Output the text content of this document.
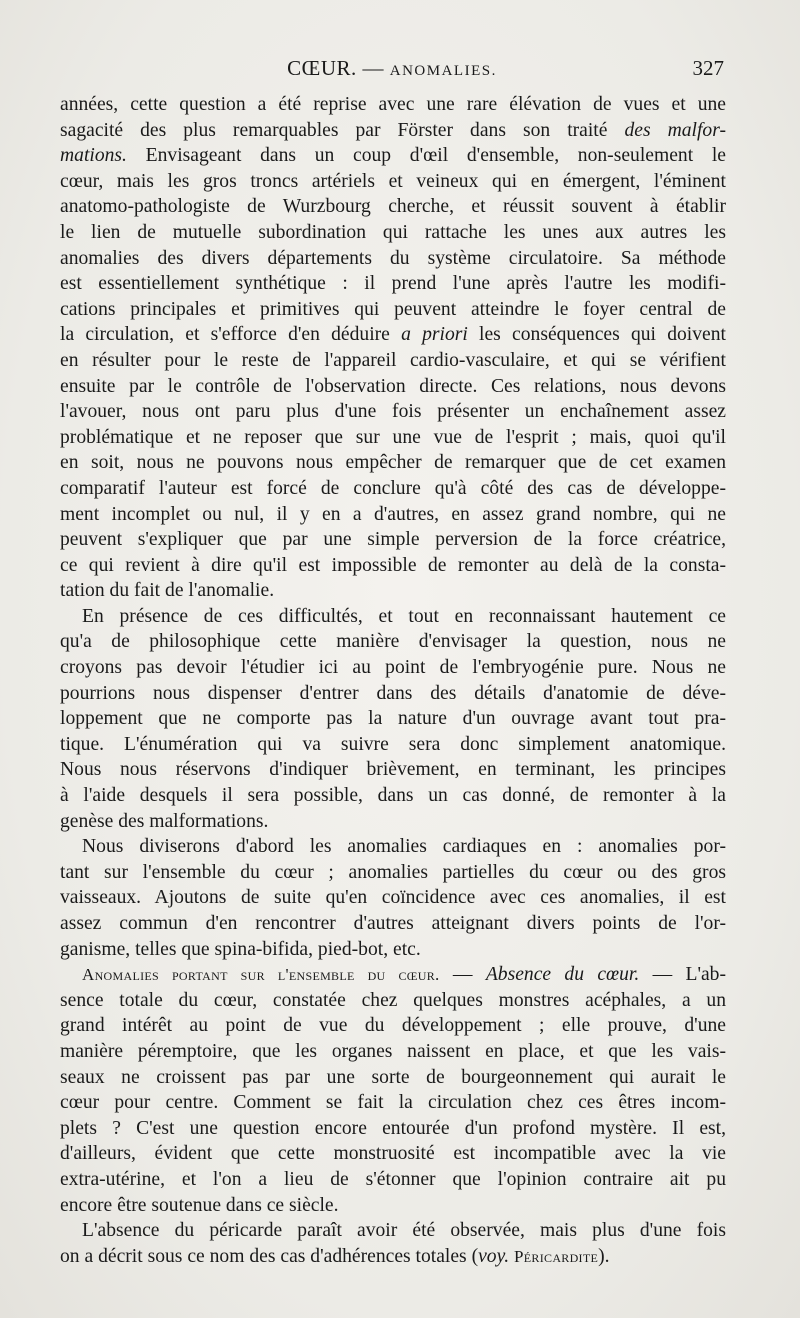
CŒUR. — ANOMALIES.	327

années, cette question a été reprise avec une rare élévation de vues et une

sagacité des plus remarquables par Förster dans son traité des malfor-

mations. Envisageant dans un coup d'œil d'ensemble, non-seulement le

cœur, mais les gros troncs artériels et veineux qui en émergent, l'éminent

anatomo-pathologiste de Wurzbourg cherche, et réussit souvent à établir

le lien de mutuelle subordination qui rattache les unes aux autres les

anomalies des divers départements du système circulatoire. Sa méthode

est essentiellement synthétique : il prend l'une après l'autre les modifi-

cations principales et primitives qui peuvent atteindre le foyer central de

la circulation, et s'efforce d'en déduire a priori les conséquences qui doivent

en résulter pour le reste de l'appareil cardio-vasculaire, et qui se vérifient

ensuite par le contrôle de l'observation directe. Ces relations, nous devons

l'avouer, nous ont paru plus d'une fois présenter un enchaînement assez

problématique et ne reposer que sur une vue de l'esprit ; mais, quoi qu'il

en soit, nous ne pouvons nous empêcher de remarquer que de cet examen

comparatif l'auteur est forcé de conclure qu'à côté des cas de développe-

ment incomplet ou nul, il y en a d'autres, en assez grand nombre, qui ne

peuvent s'expliquer que par une simple perversion de la force créatrice,

ce qui revient à dire qu'il est impossible de remonter au delà de la consta-

tation du fait de l'anomalie.

En présence de ces difficultés, et tout en reconnaissant hautement ce

qu'a de philosophique cette manière d'envisager la question, nous ne

croyons pas devoir l'étudier ici au point de l'embryogénie pure. Nous ne

pourrions nous dispenser d'entrer dans des détails d'anatomie de déve-

loppement que ne comporte pas la nature d'un ouvrage avant tout pra-

tique. L'énumération qui va suivre sera donc simplement anatomique.

Nous nous réservons d'indiquer brièvement, en terminant, les principes

à l'aide desquels il sera possible, dans un cas donné, de remonter à la

genèse des malformations.

Nous diviserons d'abord les anomalies cardiaques en : anomalies por-

tant sur l'ensemble du cœur ; anomalies partielles du cœur ou des gros

vaisseaux. Ajoutons de suite qu'en coïncidence avec ces anomalies, il est

assez commun d'en rencontrer d'autres atteignant divers points de l'or-

ganisme, telles que spina-bifida, pied-bot, etc.

Anomalies portant sur l'ensemble du cœur. — Absence du cœur. — L'ab-

sence totale du cœur, constatée chez quelques monstres acéphales, a un

grand intérêt au point de vue du développement ; elle prouve, d'une

manière péremptoire, que les organes naissent en place, et que les vais-

seaux ne croissent pas par une sorte de bourgeonnement qui aurait le

cœur pour centre. Comment se fait la circulation chez ces êtres incom-

plets ? C'est une question encore entourée d'un profond mystère. Il est,

d'ailleurs, évident que cette monstruosité est incompatible avec la vie

extra-utérine, et l'on a lieu de s'étonner que l'opinion contraire ait pu

encore être soutenue dans ce siècle.

L'absence du péricarde paraît avoir été observée, mais plus d'une fois

on a décrit sous ce nom des cas d'adhérences totales (voy. Péricardite).
